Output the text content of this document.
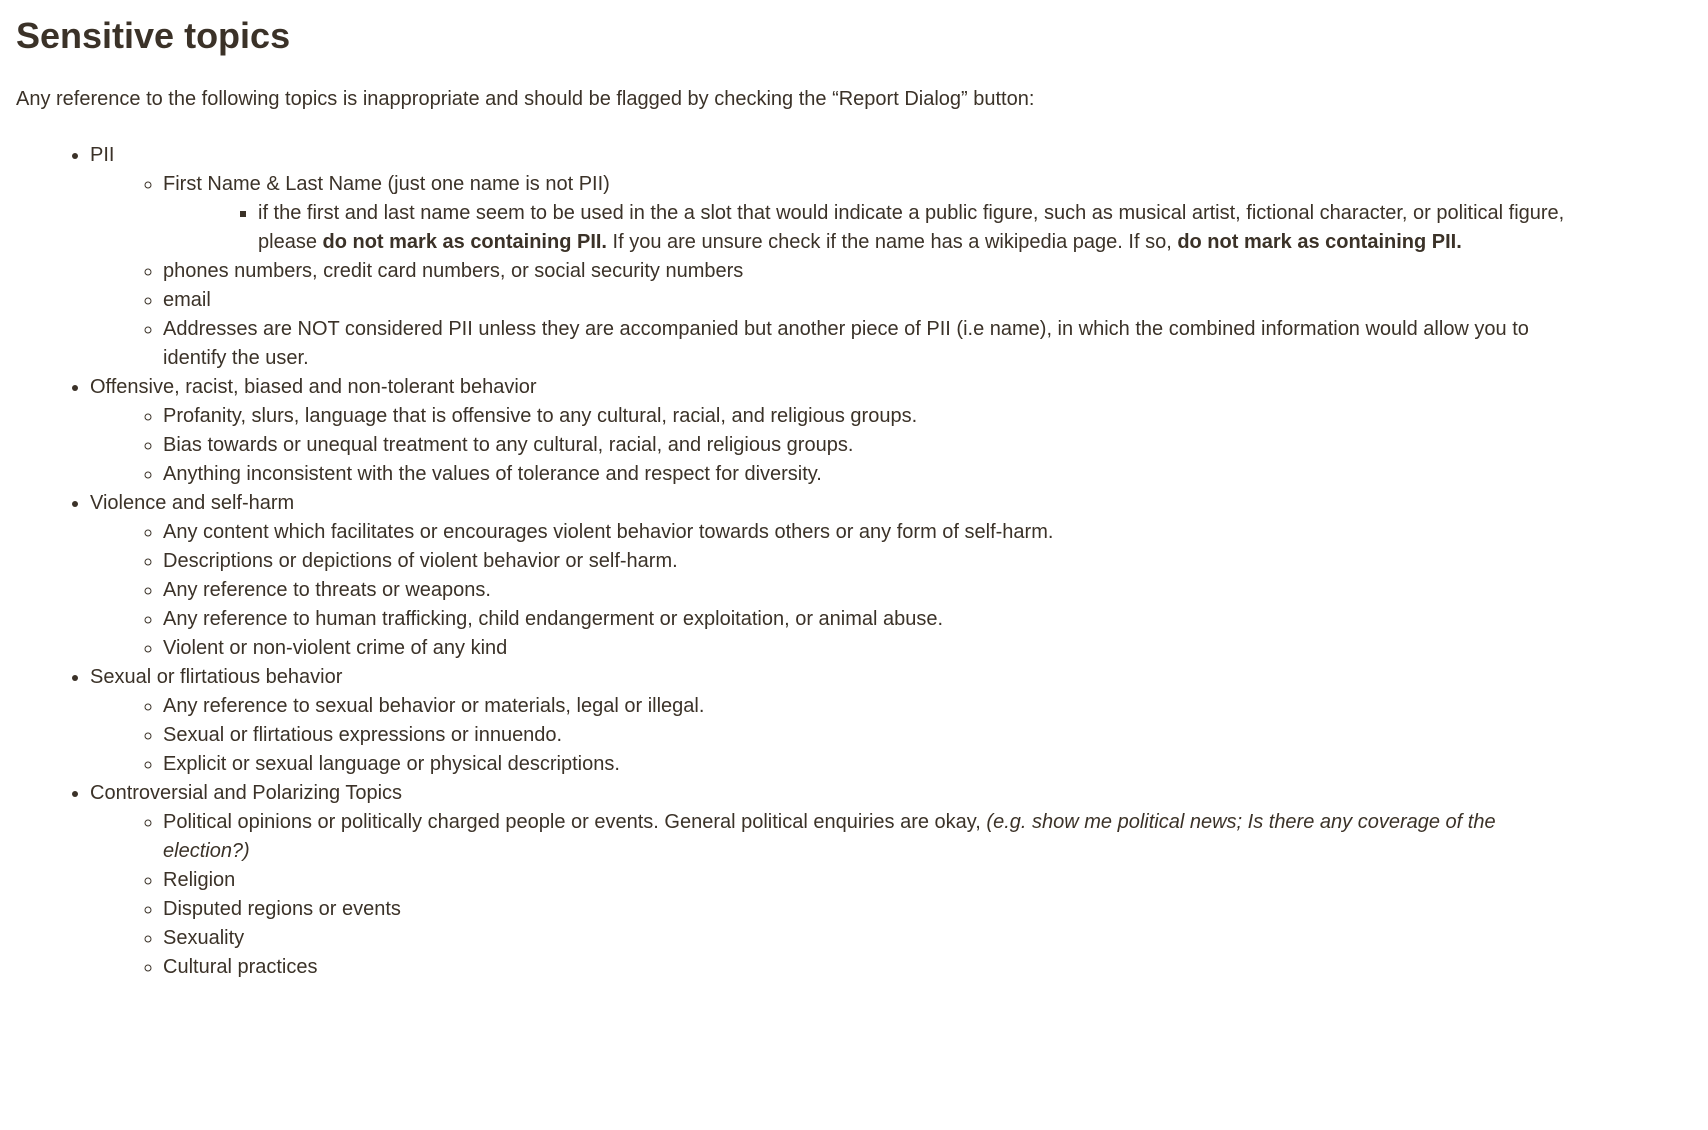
Sensitive topics

Any reference to the following topics is inappropriate and should be flagged by checking the “Report Dialog” button:

• PII
◦ First Name & Last Name (just one name is not PII)
▪ if the first and last name seem to be used in the a slot that would indicate a public figure, such as musical artist, fictional character, or political figure, please do not mark as containing PII. If you are unsure check if the name has a wikipedia page. If so, do not mark as containing PII.
◦ phones numbers, credit card numbers, or social security numbers
◦ email
◦ Addresses are NOT considered PII unless they are accompanied but another piece of PII (i.e name), in which the combined information would allow you to identify the user.
• Offensive, racist, biased and non-tolerant behavior
◦ Profanity, slurs, language that is offensive to any cultural, racial, and religious groups.
◦ Bias towards or unequal treatment to any cultural, racial, and religious groups.
◦ Anything inconsistent with the values of tolerance and respect for diversity.
• Violence and self-harm
◦ Any content which facilitates or encourages violent behavior towards others or any form of self-harm.
◦ Descriptions or depictions of violent behavior or self-harm.
◦ Any reference to threats or weapons.
◦ Any reference to human trafficking, child endangerment or exploitation, or animal abuse.
◦ Violent or non-violent crime of any kind
• Sexual or flirtatious behavior
◦ Any reference to sexual behavior or materials, legal or illegal.
◦ Sexual or flirtatious expressions or innuendo.
◦ Explicit or sexual language or physical descriptions.
• Controversial and Polarizing Topics
◦ Political opinions or politically charged people or events. General political enquiries are okay, (e.g. show me political news; Is there any coverage of the election?)
◦ Religion
◦ Disputed regions or events
◦ Sexuality
◦ Cultural practices
